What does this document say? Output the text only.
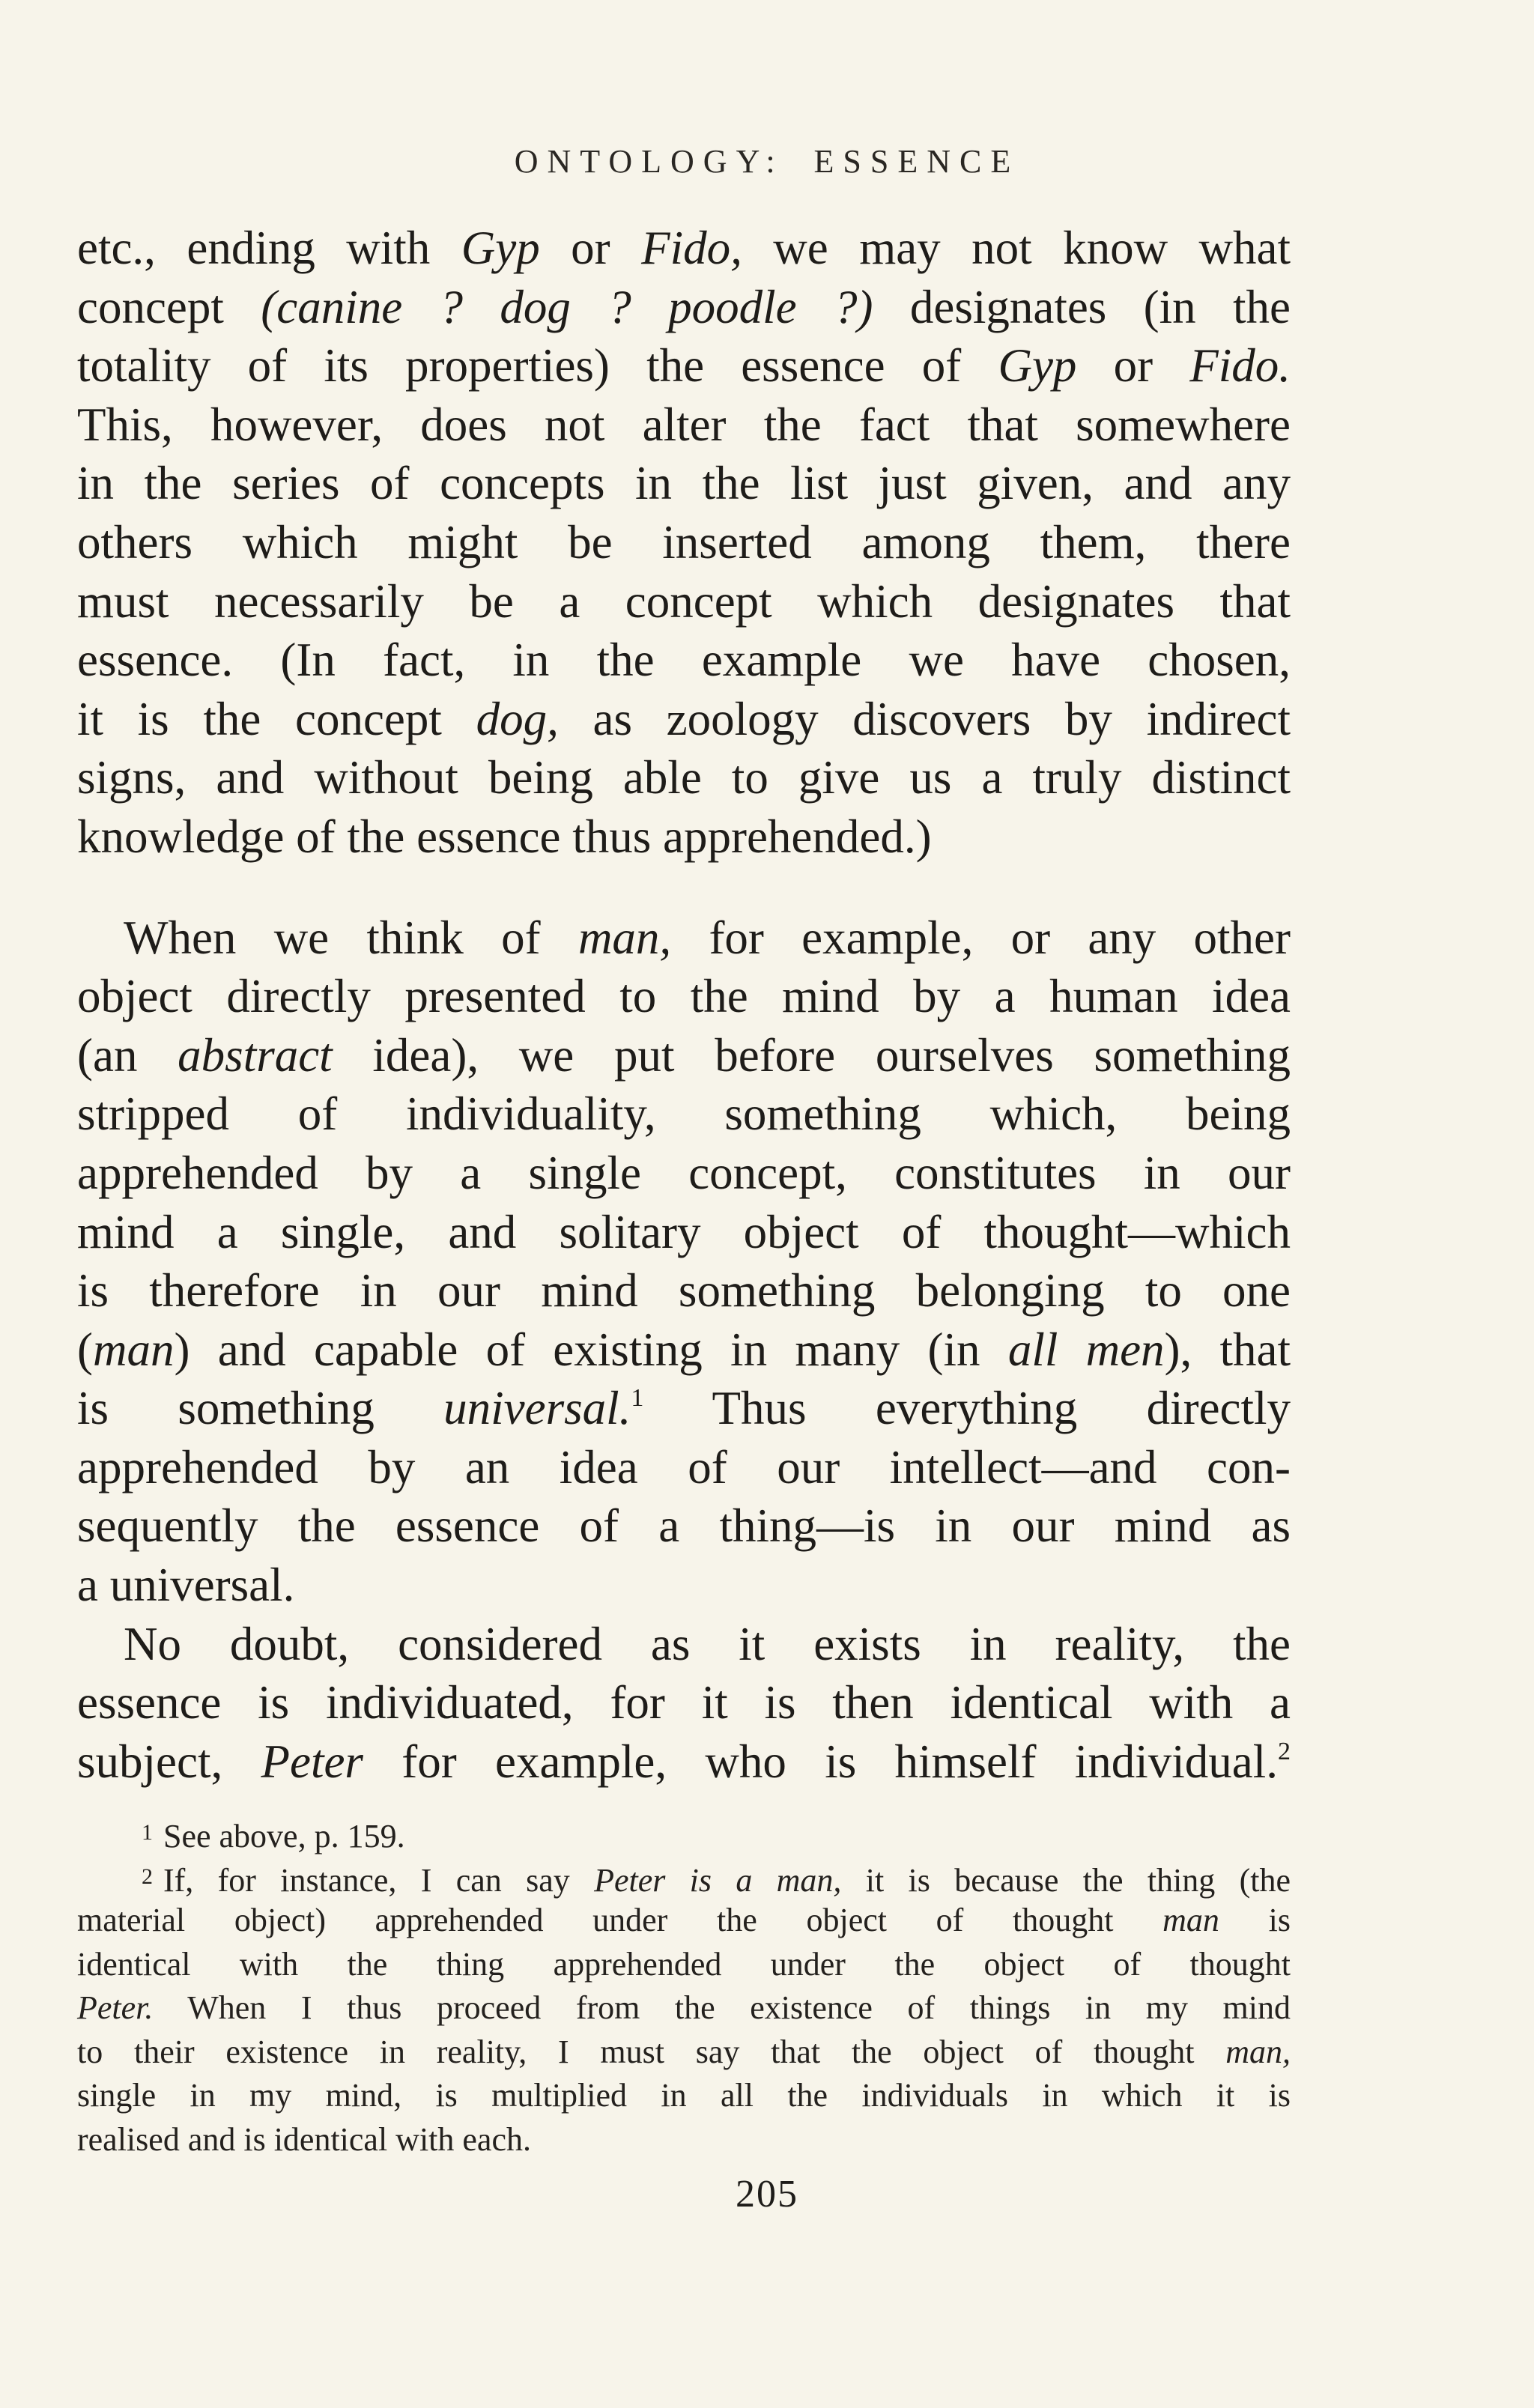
ONTOLOGY: ESSENCE
etc., ending with Gyp or Fido, we may not know what
concept (canine ? dog ? poodle ?) designates (in the
totality of its properties) the essence of Gyp or Fido.
This, however, does not alter the fact that somewhere
in the series of concepts in the list just given, and any
others which might be inserted among them, there
must necessarily be a concept which designates that
essence. (In fact, in the example we have chosen,
it is the concept dog, as zoology discovers by indirect
signs, and without being able to give us a truly distinct
knowledge of the essence thus apprehended.)
When we think of man, for example, or any other
object directly presented to the mind by a human idea
(an abstract idea), we put before ourselves something
stripped of individuality, something which, being
apprehended by a single concept, constitutes in our
mind a single, and solitary object of thought—which
is therefore in our mind something belonging to one
(man) and capable of existing in many (in all men), that
is something universal.$^1$ Thus everything directly
apprehended by an idea of our intellect—and con-
sequently the essence of a thing—is in our mind as
a universal.
No doubt, considered as it exists in reality, the
essence is individuated, for it is then identical with a
subject, Peter for example, who is himself individual.$^2$
$^1$ See above, p. 159.
$^2$ If, for instance, I can say Peter is a man, it is because the thing (the
material object) apprehended under the object of thought man is
identical with the thing apprehended under the object of thought
Peter. When I thus proceed from the existence of things in my mind
to their existence in reality, I must say that the object of thought man,
single in my mind, is multiplied in all the individuals in which it is
realised and is identical with each.
205
